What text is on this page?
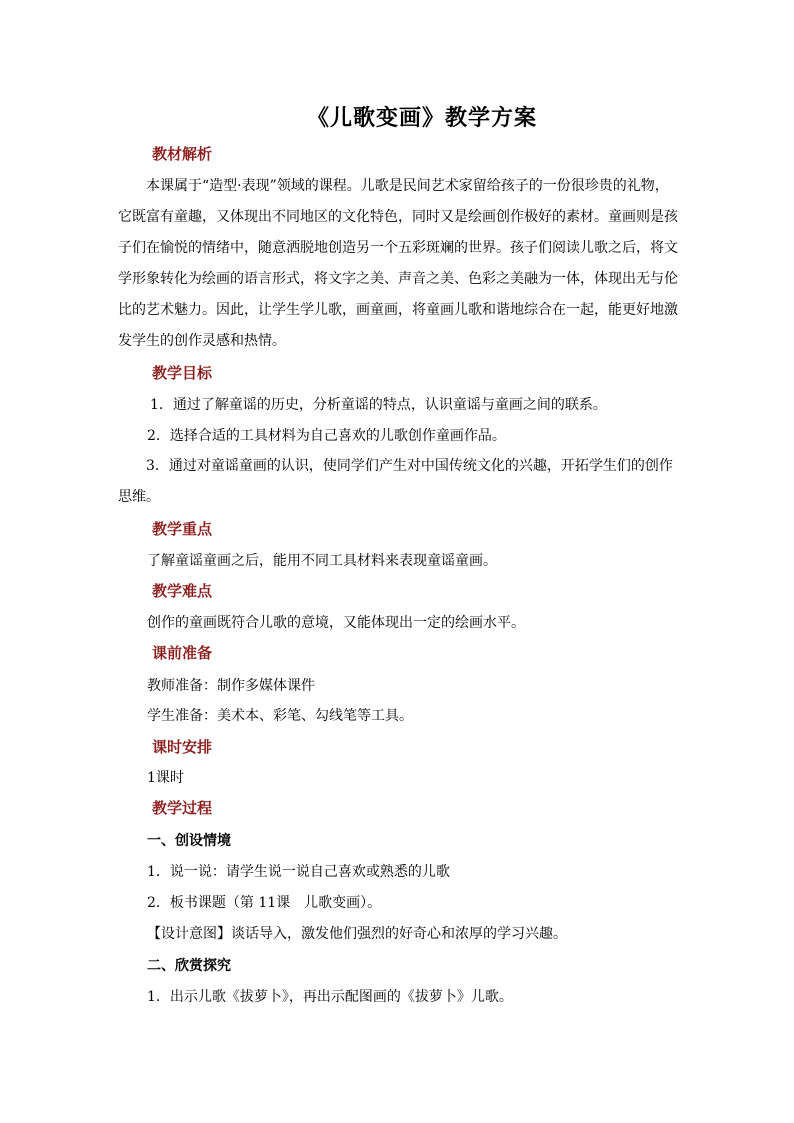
《儿歌变画》教学方案
教材解析
本课属于“造型·表现”领域的课程。儿歌是民间艺术家留给孩子的一份很珍贵的礼物，它既富有童趣，又体现出不同地区的文化特色，同时又是绘画创作极好的素材。童画则是孩子们在愉悦的情绪中，随意洒脱地创造另一个五彩斑斓的世界。孩子们阅读儿歌之后，将文学形象转化为绘画的语言形式，将文字之美、声音之美、色彩之美融为一体，体现出无与伦比的艺术魅力。因此，让学生学儿歌，画童画，将童画儿歌和谐地综合在一起，能更好地激发学生的创作灵感和热情。
教学目标
1．通过了解童谣的历史，分析童谣的特点，认识童谣与童画之间的联系。
2．选择合适的工具材料为自己喜欢的儿歌创作童画作品。
3．通过对童谣童画的认识，使同学们产生对中国传统文化的兴趣，开拓学生们的创作思维。
教学重点
了解童谣童画之后，能用不同工具材料来表现童谣童画。
教学难点
创作的童画既符合儿歌的意境，又能体现出一定的绘画水平。
课前准备
教师准备：制作多媒体课件
学生准备：美术本、彩笔、勾线笔等工具。
课时安排
1课时
教学过程
一、创设情境
1．说一说：请学生说一说自己喜欢或熟悉的儿歌
2．板书课题（第 11课　儿歌变画）。
【设计意图】谈话导入，激发他们强烈的好奇心和浓厚的学习兴趣。
二、欣赏探究
1．出示儿歌《拔萝卜》，再出示配图画的《拔萝卜》儿歌。
